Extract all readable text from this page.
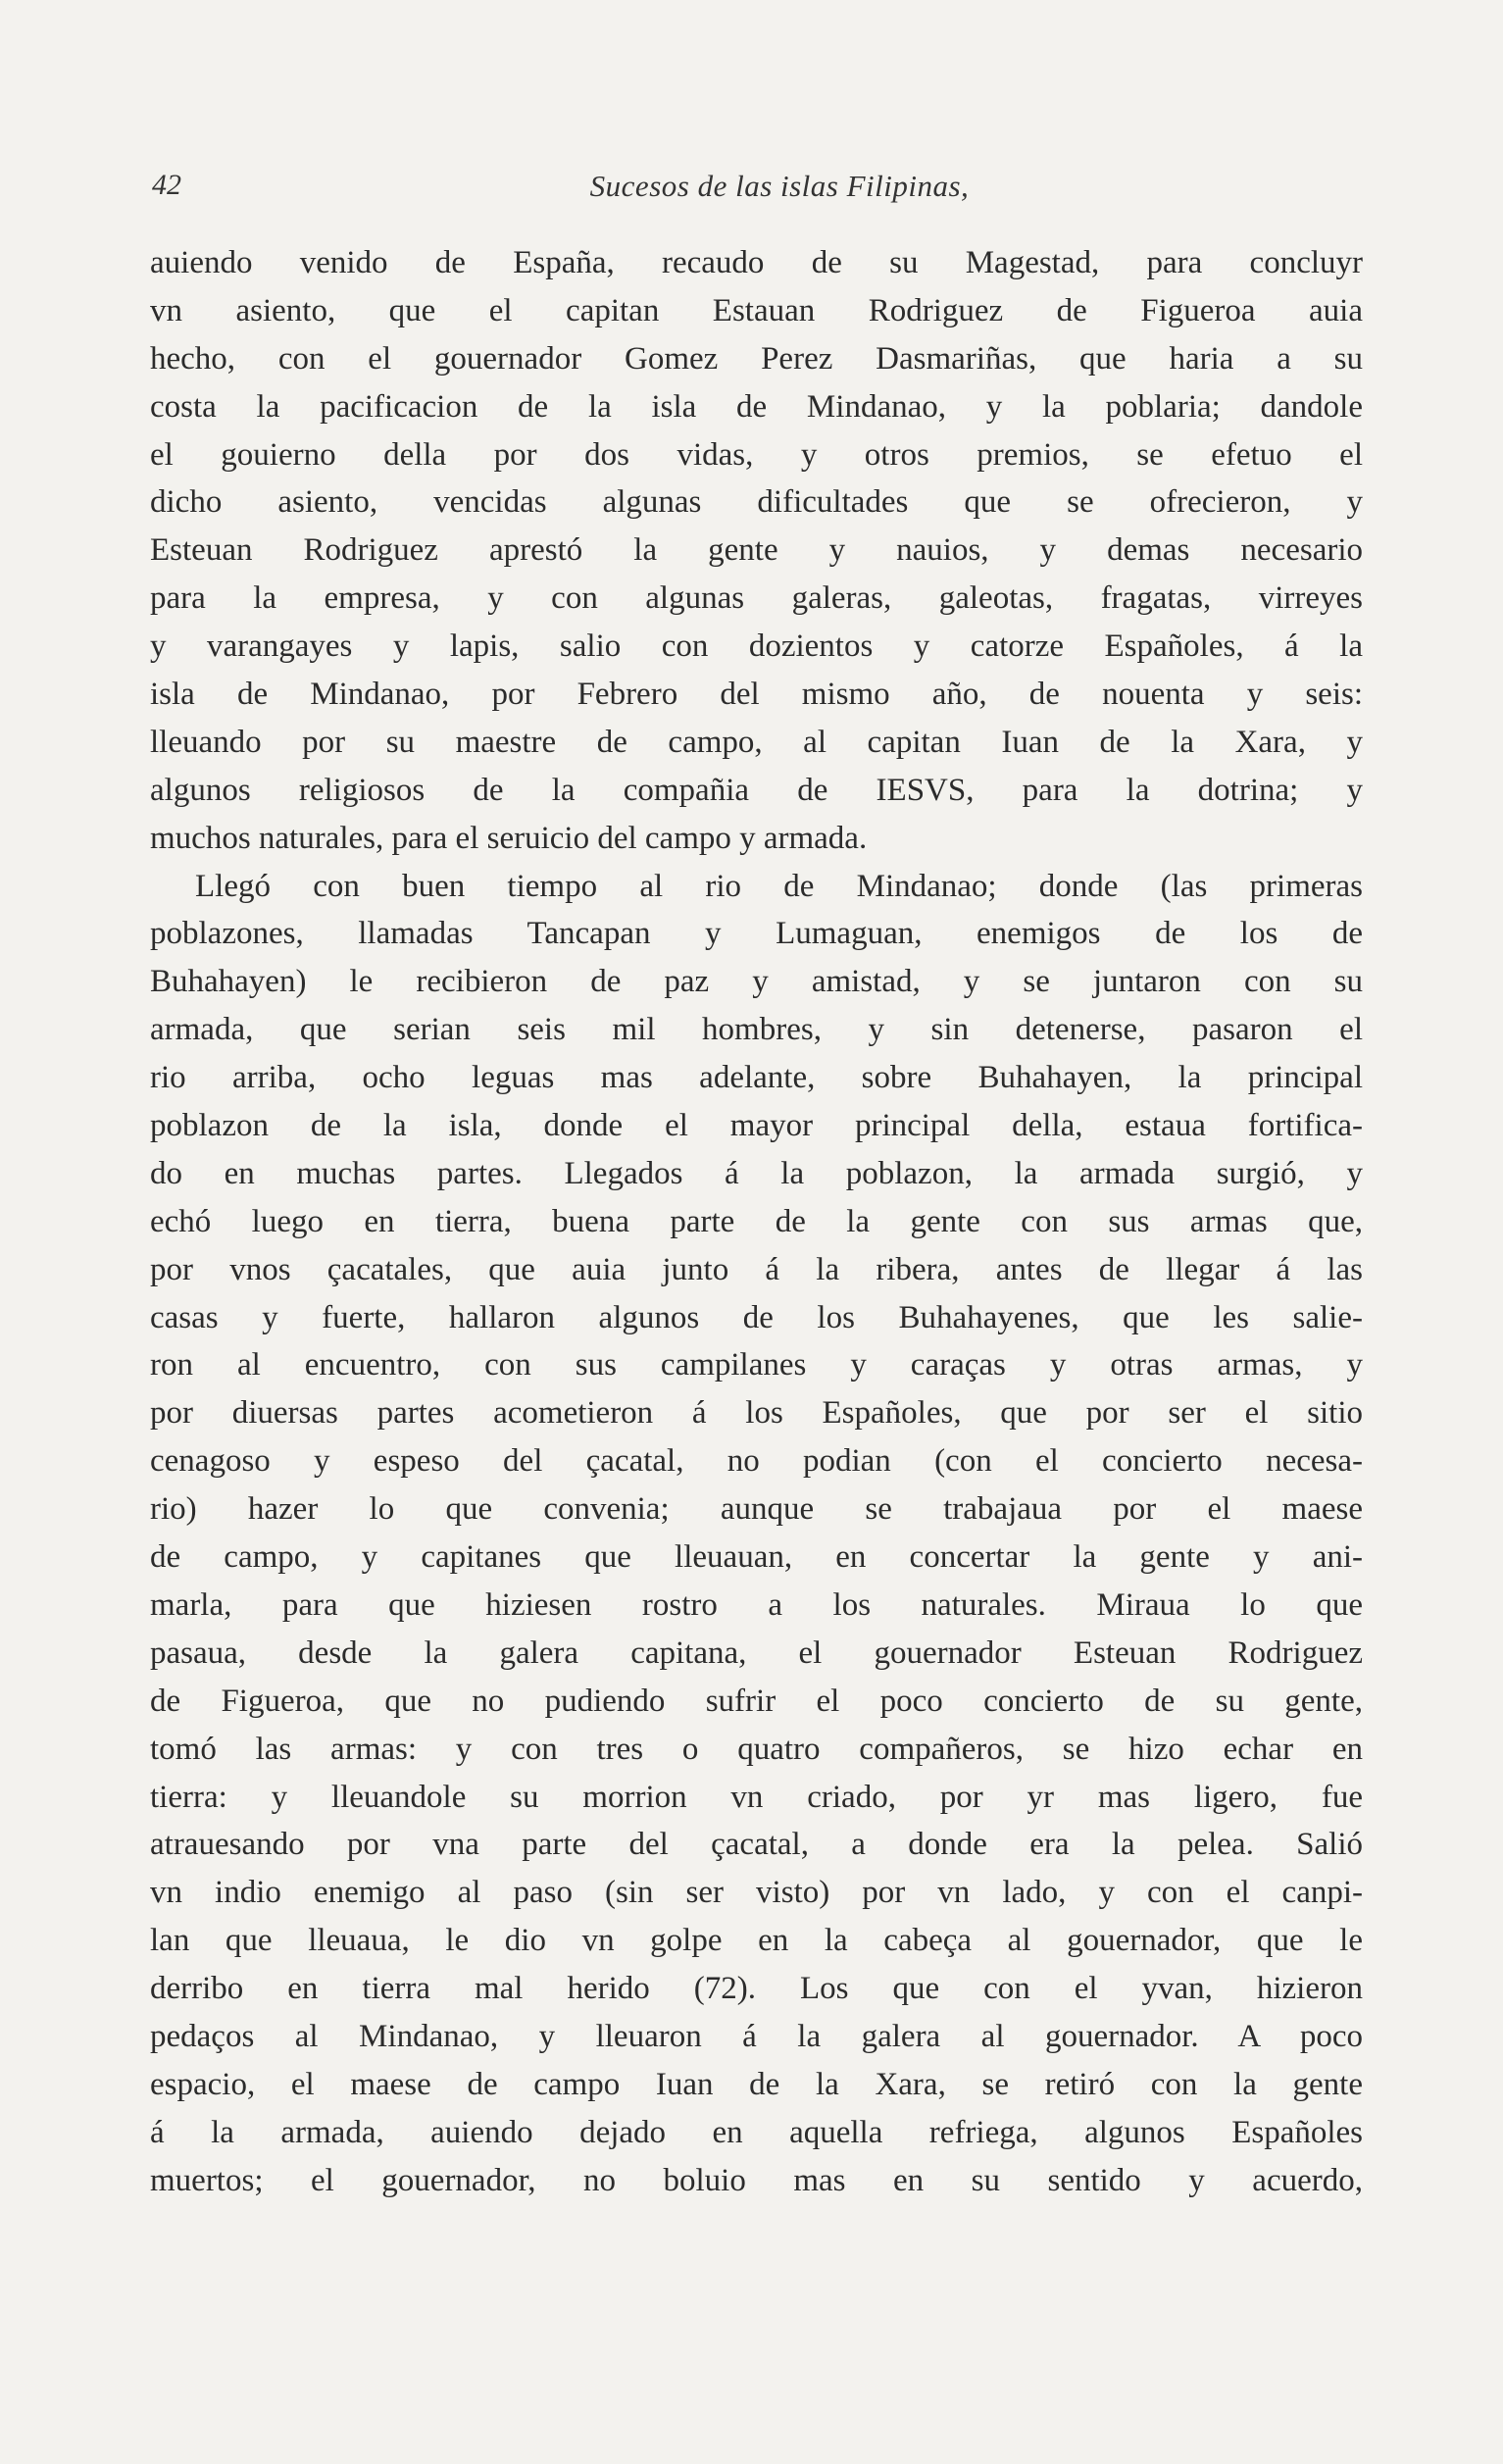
42	Sucesos de las islas Filipinas,
auiendo venido de España, recaudo de su Magestad, para concluyr
vn asiento, que el capitan Estauan Rodriguez de Figueroa auia
hecho, con el gouernador Gomez Perez Dasmariñas, que haria a su
costa la pacificacion de la isla de Mindanao, y la poblaria; dandole
el gouierno della por dos vidas, y otros premios, se efetuo el
dicho asiento, vencidas algunas dificultades que se ofrecieron, y
Esteuan Rodriguez aprestó la gente y nauios, y demas necesario
para la empresa, y con algunas galeras, galeotas, fragatas, virreyes
y varangayes y lapis, salio con dozientos y catorze Españoles, á la
isla de Mindanao, por Febrero del mismo año, de nouenta y seis:
lleuando por su maestre de campo, al capitan Iuan de la Xara, y
algunos religiosos de la compañia de IESVS, para la dotrina; y
muchos naturales, para el seruicio del campo y armada.
Llegó con buen tiempo al rio de Mindanao; donde (las primeras
poblazones, llamadas Tancapan y Lumaguan, enemigos de los de
Buhahayen) le recibieron de paz y amistad, y se juntaron con su
armada, que serian seis mil hombres, y sin detenerse, pasaron el
rio arriba, ocho leguas mas adelante, sobre Buhahayen, la principal
poblazon de la isla, donde el mayor principal della, estaua fortifica-
do en muchas partes. Llegados á la poblazon, la armada surgió, y
echó luego en tierra, buena parte de la gente con sus armas que,
por vnos çacatales, que auia junto á la ribera, antes de llegar á las
casas y fuerte, hallaron algunos de los Buhahayenes, que les salie-
ron al encuentro, con sus campilanes y caraças y otras armas, y
por diuersas partes acometieron á los Españoles, que por ser el sitio
cenagoso y espeso del çacatal, no podian (con el concierto necesa-
rio) hazer lo que convenia; aunque se trabajaua por el maese
de campo, y capitanes que lleuauan, en concertar la gente y ani-
marla, para que hiziesen rostro a los naturales. Miraua lo que
pasaua, desde la galera capitana, el gouernador Esteuan Rodriguez
de Figueroa, que no pudiendo sufrir el poco concierto de su gente,
tomó las armas: y con tres o quatro compañeros, se hizo echar en
tierra: y lleuandole su morrion vn criado, por yr mas ligero, fue
atrauesando por vna parte del çacatal, a donde era la pelea. Salió
vn indio enemigo al paso (sin ser visto) por vn lado, y con el canpi-
lan que lleuaua, le dio vn golpe en la cabeça al gouernador, que le
derribo en tierra mal herido (72). Los que con el yvan, hizieron
pedaços al Mindanao, y lleuaron á la galera al gouernador. A poco
espacio, el maese de campo Iuan de la Xara, se retiró con la gente
á la armada, auiendo dejado en aquella refriega, algunos Españoles
muertos; el gouernador, no boluio mas en su sentido y acuerdo,
